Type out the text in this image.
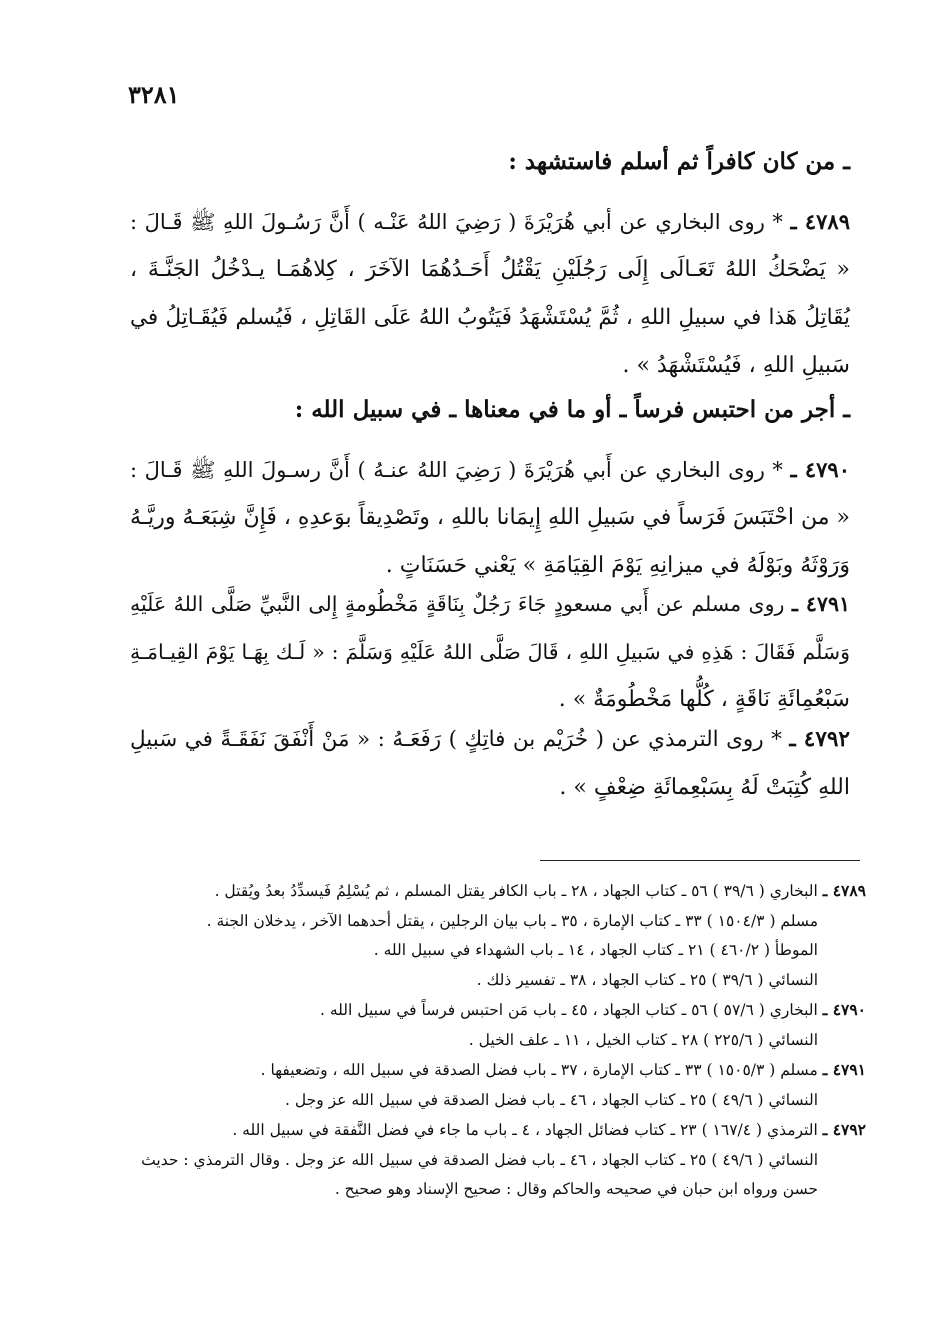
٣٢٨١
ـ من كان كافراً ثم أسلم فاستشهد :
٤٧٨٩ ـ * روى البخاري عن أبي هُرَيْرَةَ ( رَضِيَ اللهُ عَنْـه ) أَنَّ رَسُـولَ اللهِ ﷺ قَـالَ :
« يَضْحَكُ اللهُ تَعَـالَى إِلَى رَجُلَيْنِ يَقْتُلُ أَحَـدُهُمَا الآخَرَ ، كِلاهُمَـا يـدْخُلُ الجَنَّـةَ ،
يُقَاتِلُ هَذا في سبيلِ اللهِ ، ثُمَّ يُسْتَشْهَدُ فَيَتُوبُ اللهُ عَلَى القَاتِلِ ، فَيُسلم فَيُقَـاتِلُ في
سَبيلِ اللهِ ، فَيُسْتَشْهَدُ » .
ـ أجر من احتبس فرساً ـ أو ما في معناها ـ في سبيل الله :
٤٧٩٠ ـ * روى البخاري عن أَبي هُرَيْرَةَ ( رَضِيَ اللهُ عنـهُ ) أَنَّ رسـولَ اللهِ ﷺ قَـالَ :
« من احْتَبَسَ فَرَساً في سَبيلِ اللهِ إِيمَانا باللهِ ، وتَصْدِيقاً بوَعدِهِ ، فَإِنَّ شِبَعَـهُ وريَّـهُ
وَرَوْثَهُ وبَوْلَهُ في ميزانِهِ يَوْمَ القِيَامَةِ » يَعْني حَسَنَاتٍ .
٤٧٩١ ـ روى مسلم عن أَبي مسعودٍ جَاءَ رَجُلٌ بِنَاقَةٍ مَخْطُومةٍ إِلى النَّبيِّ صَلَّى اللهُ عَلَيْهِ
وَسَلَّم فَقَالَ : هَذِهِ في سَبيلِ اللهِ ، قَالَ صَلَّى اللهُ عَلَيْهِ وَسَلَّمَ : « لَـك بِهَـا يَوْمَ القِيـامَـةِ
سَبْعُمِائَةِ نَاقَةٍ ، كُلُّها مَخْطُومَةٌ » .
٤٧٩٢ ـ * روى الترمذي عن ( خُرَيْم بن فاتِكٍ ) رَفَعَـهُ : « مَنْ أَنْفَقَ نَفَقَـةً في سَبيلِ
اللهِ كُتِبَتْ لَهُ بِسَبْعِمائَةِ ضِعْفٍ » .
٤٧٨٩ ـ البخاري ( ٣٩/٦ ) ٥٦ ـ كتاب الجهاد ، ٢٨ ـ باب الكافر يقتل المسلم ، ثم يُسْلِمُ فَيسدِّدُ بعدُ ويُقتل .
مسلم ( ١٥٠٤/٣ ) ٣٣ ـ كتاب الإمارة ، ٣٥ ـ باب بيان الرجلين ، يقتل أحدهما الآخر ، يدخلان الجنة .
الموطأ ( ٤٦٠/٢ ) ٢١ ـ كتاب الجهاد ، ١٤ ـ باب الشهداء في سبيل الله .
النسائي ( ٣٩/٦ ) ٢٥ ـ كتاب الجهاد ، ٣٨ ـ تفسير ذلك .
٤٧٩٠ ـ البخاري ( ٥٧/٦ ) ٥٦ ـ كتاب الجهاد ، ٤٥ ـ باب مَن احتبس فرساً في سبيل الله .
النسائي ( ٢٢٥/٦ ) ٢٨ ـ كتاب الخيل ، ١١ ـ علف الخيل .
٤٧٩١ ـ مسلم ( ١٥٠٥/٣ ) ٣٣ ـ كتاب الإمارة ، ٣٧ ـ باب فضل الصدقة في سبيل الله ، وتضعيفها .
النسائي ( ٤٩/٦ ) ٢٥ ـ كتاب الجهاد ، ٤٦ ـ باب فضل الصدقة في سبيل الله عز وجل .
٤٧٩٢ ـ الترمذي ( ١٦٧/٤ ) ٢٣ ـ كتاب فضائل الجهاد ، ٤ ـ باب ما جاء في فضل النَّفقة في سبيل الله .
النسائي ( ٤٩/٦ ) ٢٥ ـ كتاب الجهاد ، ٤٦ ـ باب فضل الصدقة في سبيل الله عز وجل . وقال الترمذي : حديث
حسن ورواه ابن حبان في صحيحه والحاكم وقال : صحيح الإسناد وهو صحيح .
